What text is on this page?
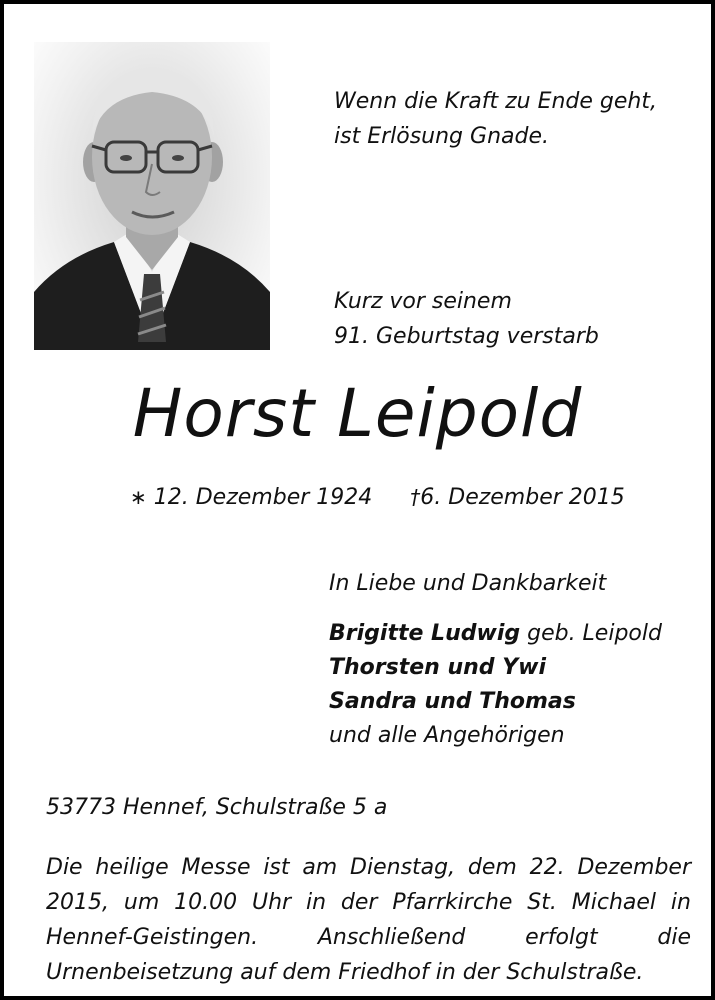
Wenn die Kraft zu Ende geht,
ist Erlösung Gnade.
Kurz vor seinem
91. Geburtstag verstarb
Horst Leipold
∗ 12. Dezember 1924 †6. Dezember 2015
In Liebe und Dankbarkeit
Brigitte Ludwig geb. Leipold
Thorsten und Ywi
Sandra und Thomas
und alle Angehörigen
53773 Hennef, Schulstraße 5 a
Die heilige Messe ist am Dienstag, dem 22. Dezember 2015, um 10.00 Uhr in der Pfarrkirche St. Michael in Hennef-Geistingen. Anschließend erfolgt die Urnenbeisetzung auf dem Friedhof in der Schulstraße.
